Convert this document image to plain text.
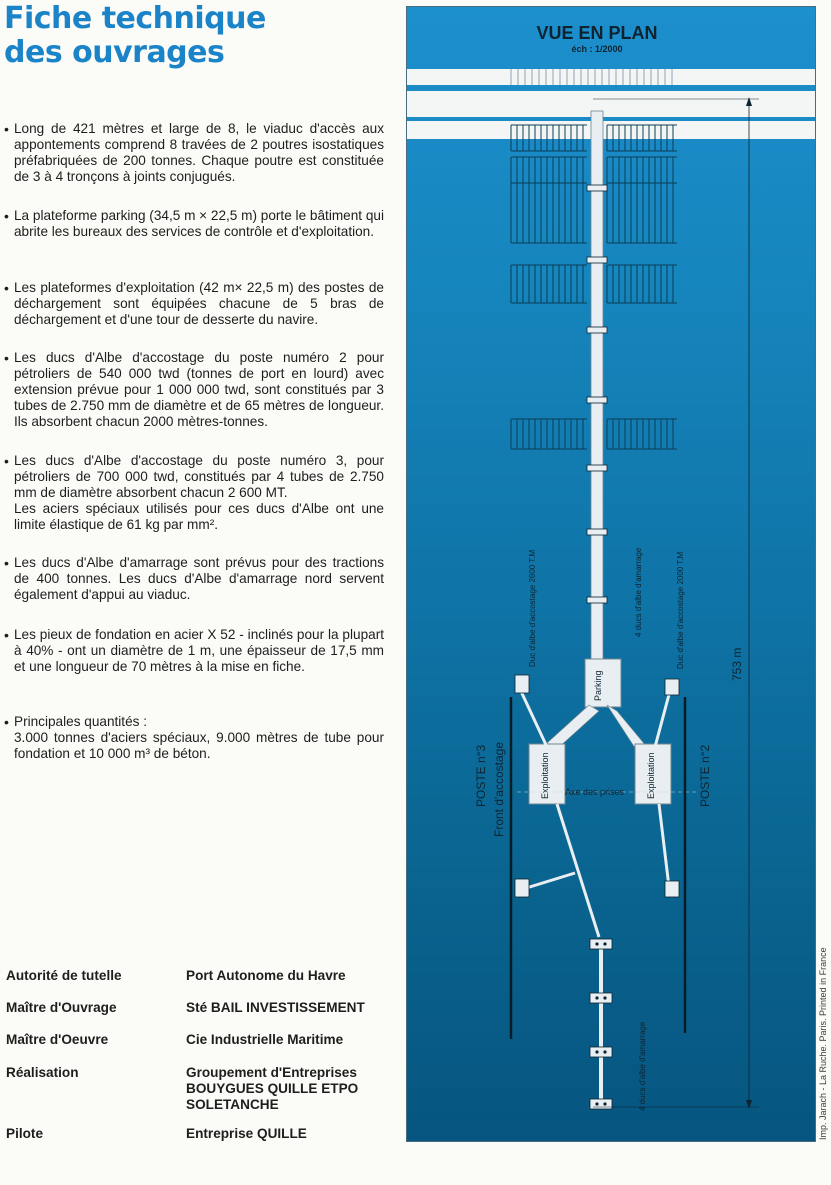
Fiche technique
des ouvrages
• Long de 421 mètres et large de 8, le viaduc d'accès aux appontements comprend 8 travées de 2 poutres isostatiques préfabriquées de 200 tonnes. Chaque poutre est constituée de 3 à 4 tronçons à joints conjugués.
• La plateforme parking (34,5 m × 22,5 m) porte le bâtiment qui abrite les bureaux des services de contrôle et d'exploitation.
• Les plateformes d'exploitation (42 m× 22,5 m) des postes de déchargement sont équipées chacune de 5 bras de déchargement et d'une tour de desserte du navire.
• Les ducs d'Albe d'accostage du poste numéro 2 pour pétroliers de 540 000 twd (tonnes de port en lourd) avec extension prévue pour 1 000 000 twd, sont constitués par 3 tubes de 2.750 mm de diamètre et de 65 mètres de longueur. Ils absorbent chacun 2000 mètres-tonnes.
• Les ducs d'Albe d'accostage du poste numéro 3, pour pétroliers de 700 000 twd, constitués par 4 tubes de 2.750 mm de diamètre absorbent chacun 2 600 MT.
Les aciers spéciaux utilisés pour ces ducs d'Albe ont une limite élastique de 61 kg par mm².
• Les ducs d'Albe d'amarrage sont prévus pour des tractions de 400 tonnes. Les ducs d'Albe d'amarrage nord servent également d'appui au viaduc.
• Les pieux de fondation en acier X 52 - inclinés pour la plupart à 40% - ont un diamètre de 1 m, une épaisseur de 17,5 mm et une longueur de 70 mètres à la mise en fiche.
• Principales quantités :
3.000 tonnes d'aciers spéciaux, 9.000 mètres de tube pour fondation et 10 000 m³ de béton.
Autorité de tutelle	Port Autonome du Havre
Maître d'Ouvrage	Sté BAIL INVESTISSEMENT
Maître d'Oeuvre	Cie Industrielle Maritime
Réalisation	Groupement d'Entreprises
BOUYGUES QUILLE ETPO
SOLETANCHE
Pilote	Entreprise QUILLE
VUE EN PLAN
éch : 1/2000
Parking
Exploitation	Exploitation
Axe des prises
POSTE n°3 Front d'accostage	POSTE n°2
Duc d'albe d'accostage 2600 T.M	4 ducs d'albe d'amarrage	Duc d'albe d'accostage 2000 T.M
4 ducs d'albe d'amarrage
753 m
Imp. Jarach - La Ruche. Paris. Printed in France
